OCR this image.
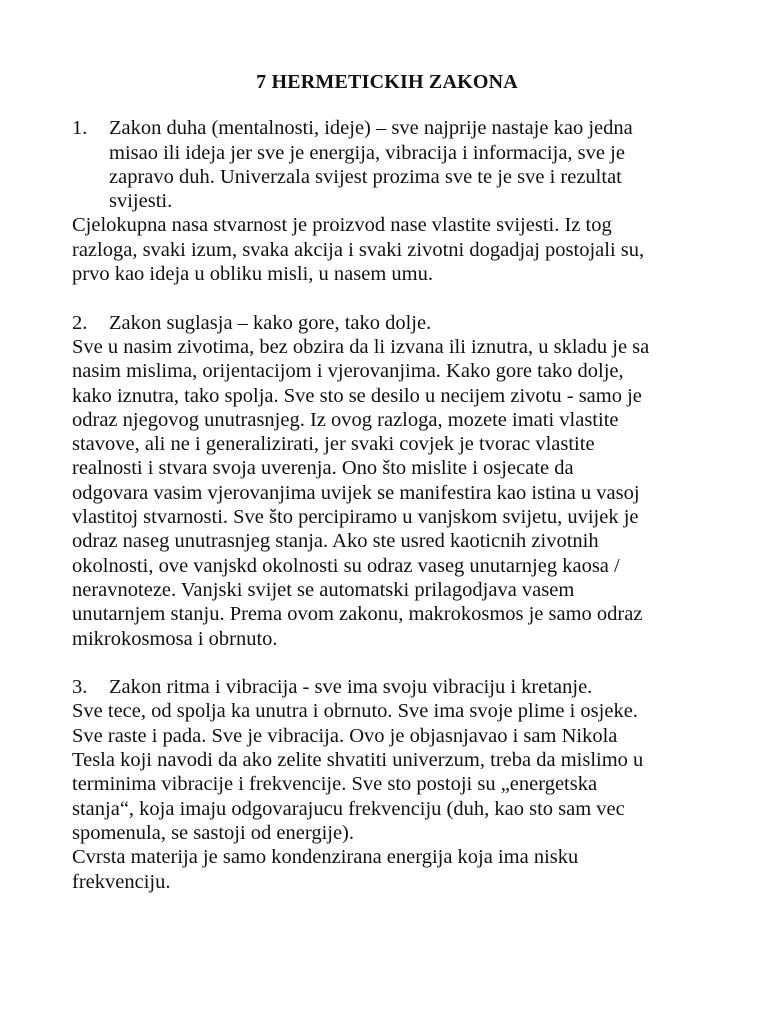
7 HERMETICKIH ZAKONA
1. Zakon duha (mentalnosti, ideje) – sve najprije nastaje kao jedna
misao ili ideja jer sve je energija, vibracija i informacija, sve je
zapravo duh. Univerzala svijest prozima sve te je sve i rezultat
svijesti.
Cjelokupna nasa stvarnost je proizvod nase vlastite svijesti. Iz tog
razloga, svaki izum, svaka akcija i svaki zivotni dogadjaj postojali su,
prvo kao ideja u obliku misli, u nasem umu.
2. Zakon suglasja – kako gore, tako dolje.
Sve u nasim zivotima, bez obzira da li izvana ili iznutra, u skladu je sa
nasim mislima, orijentacijom i vjerovanjima. Kako gore tako dolje,
kako iznutra, tako spolja. Sve sto se desilo u necijem zivotu - samo je
odraz njegovog unutrasnjeg. Iz ovog razloga, mozete imati vlastite
stavove, ali ne i generalizirati, jer svaki covjek je tvorac vlastite
realnosti i stvara svoja uverenja. Ono što mislite i osjecate da
odgovara vasim vjerovanjima uvijek se manifestira kao istina u vasoj
vlastitoj stvarnosti. Sve što percipiramo u vanjskom svijetu, uvijek je
odraz naseg unutrasnjeg stanja. Ako ste usred kaoticnih zivotnih
okolnosti, ove vanjskd okolnosti su odraz vaseg unutarnjeg kaosa /
neravnoteze. Vanjski svijet se automatski prilagodjava vasem
unutarnjem stanju. Prema ovom zakonu, makrokosmos je samo odraz
mikrokosmosa i obrnuto.
3. Zakon ritma i vibracija - sve ima svoju vibraciju i kretanje.
Sve tece, od spolja ka unutra i obrnuto. Sve ima svoje plime i osjeke.
Sve raste i pada. Sve je vibracija. Ovo je objasnjavao i sam Nikola
Tesla koji navodi da ako zelite shvatiti univerzum, treba da mislimo u
terminima vibracije i frekvencije. Sve sto postoji su „energetska
stanja“, koja imaju odgovarajucu frekvenciju (duh, kao sto sam vec
spomenula, se sastoji od energije).
Cvrsta materija je samo kondenzirana energija koja ima nisku
frekvenciju.
